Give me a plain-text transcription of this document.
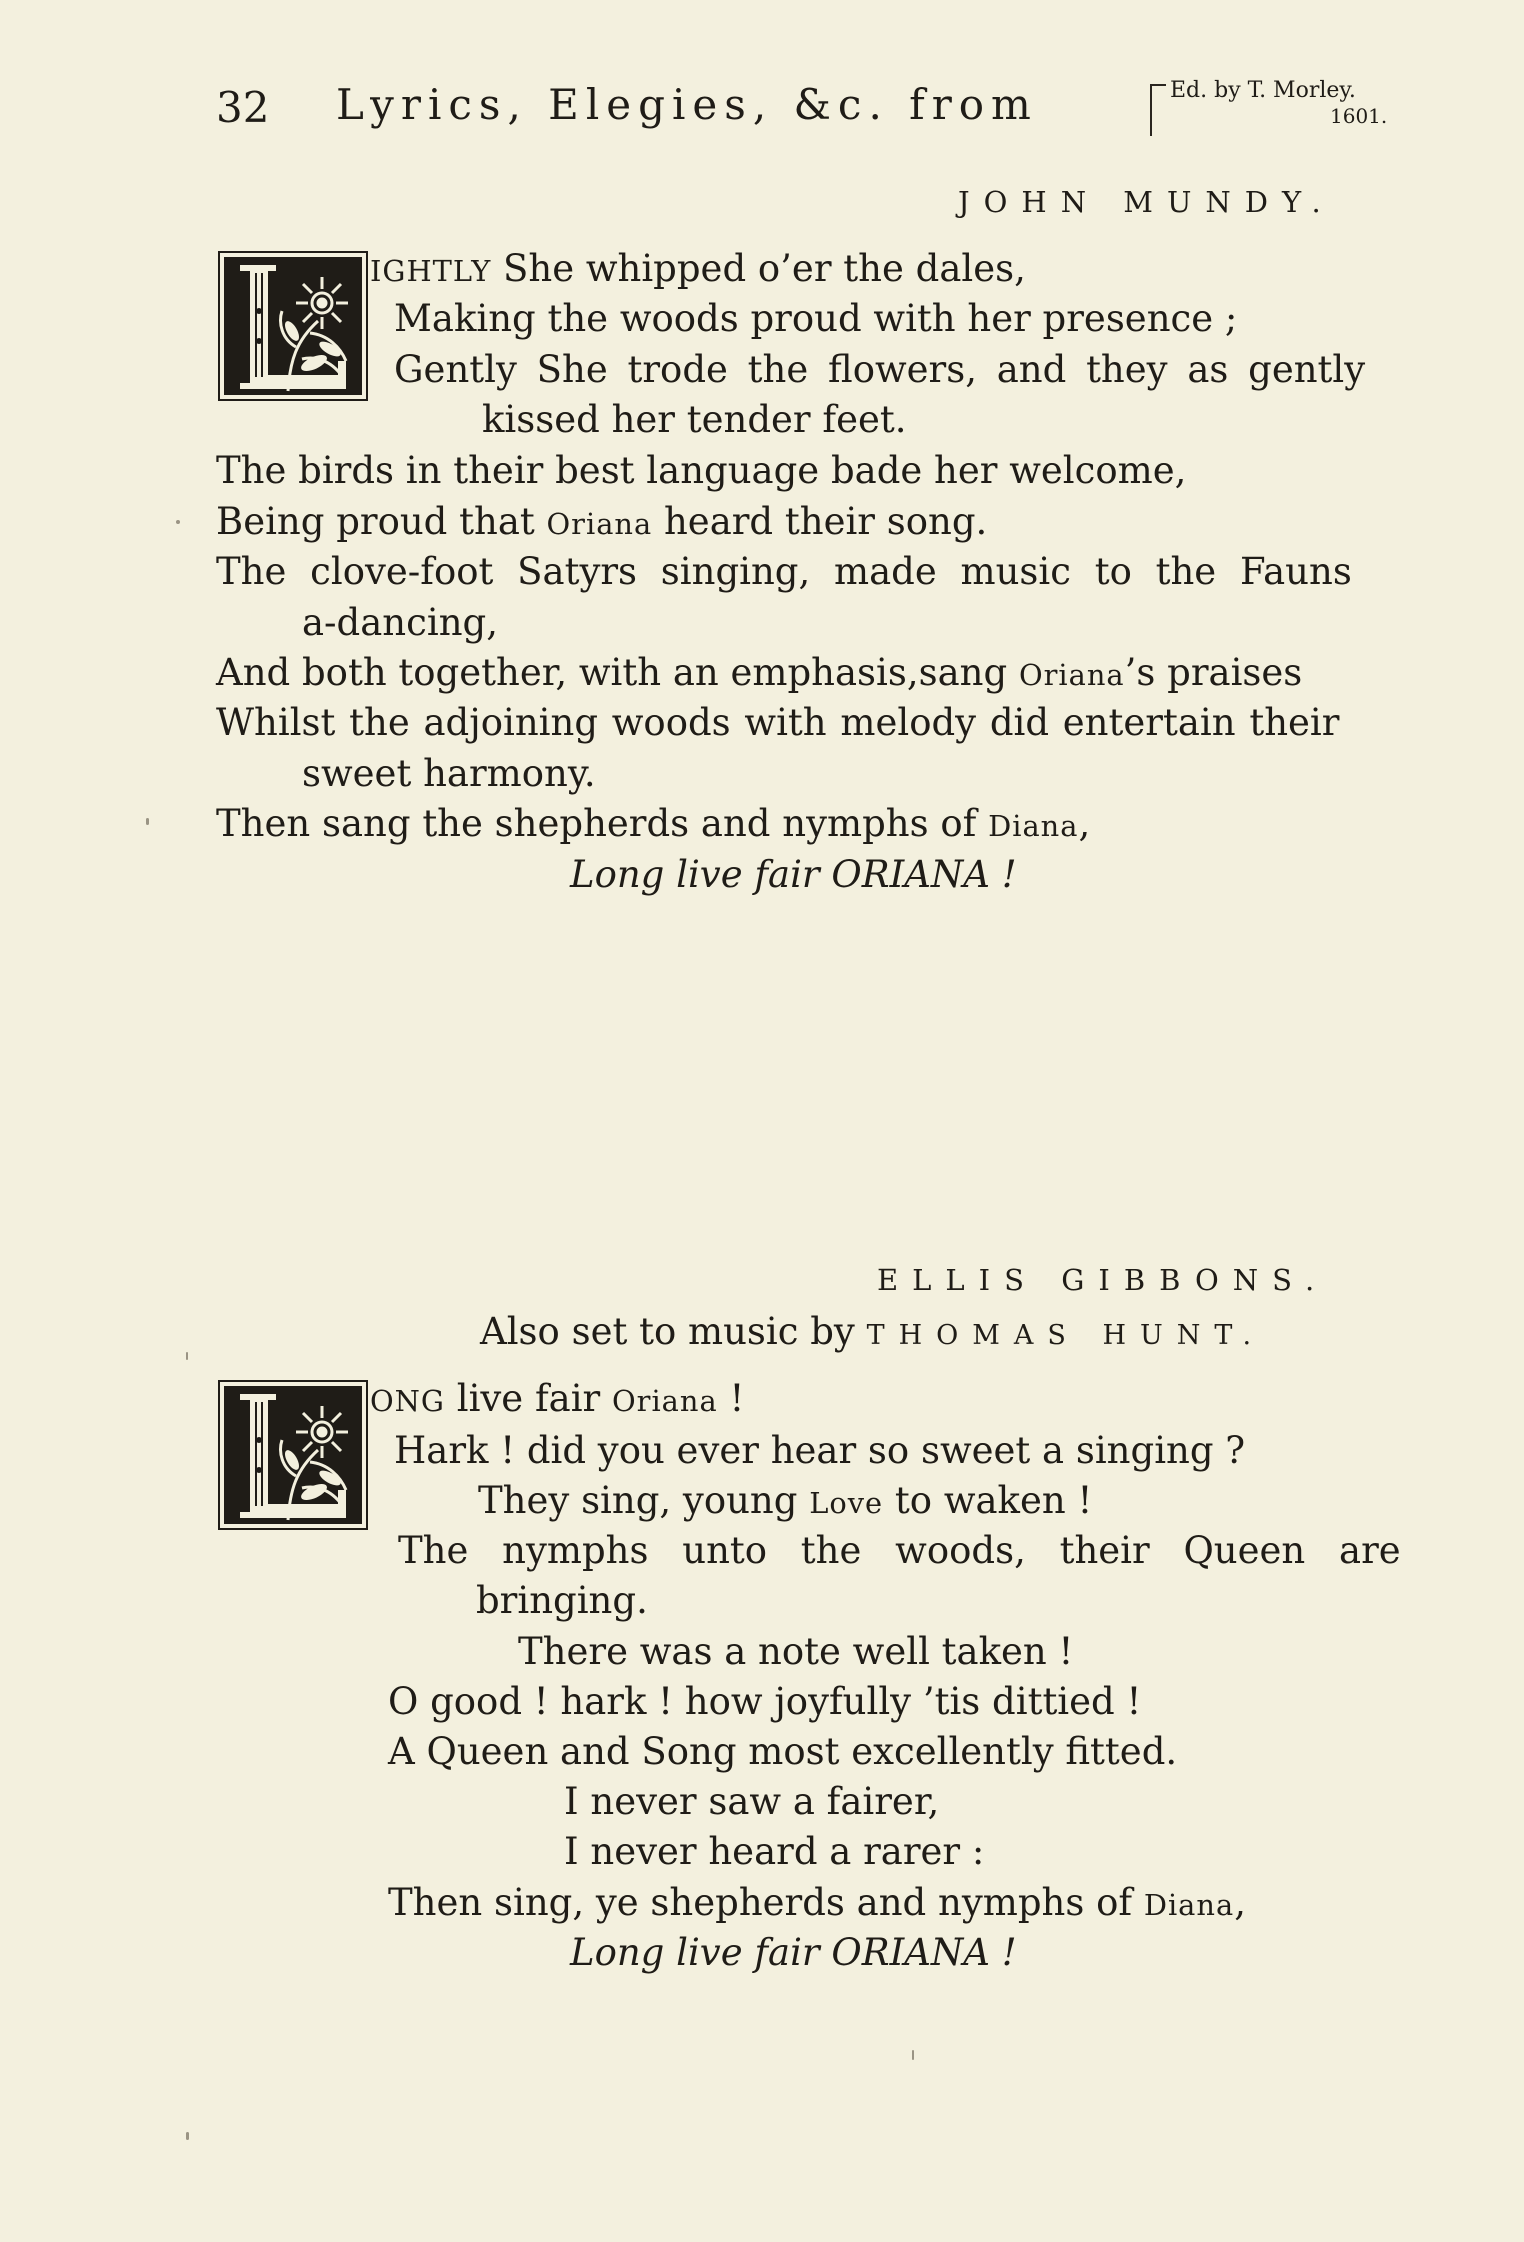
32 Lyrics, Elegies, &c. from	Ed. by T. Morley.
1601.
JOHN MUNDY.
IGHTLY She whipped o’er the dales,
Making the woods proud with her presence ;
Gently She trode the flowers, and they as gently
kissed her tender feet.
The birds in their best language bade her welcome,
Being proud that Oriana heard their song.
The clove-foot Satyrs singing, made music to the Fauns
a-dancing,
And both together, with an emphasis,sang Oriana’s praises
Whilst the adjoining woods with melody did entertain their
sweet harmony.
Then sang the shepherds and nymphs of Diana,
Long live fair ORIANA !
ELLIS GIBBONS.
Also set to music by THOMAS HUNT.
ONG live fair Oriana !
Hark ! did you ever hear so sweet a singing ?
They sing, young Love to waken !
The nymphs unto the woods, their Queen are
bringing.
There was a note well taken !
O good ! hark ! how joyfully ’tis dittied !
A Queen and Song most excellently fitted.
I never saw a fairer,
I never heard a rarer :
Then sing, ye shepherds and nymphs of Diana,
Long live fair ORIANA !
